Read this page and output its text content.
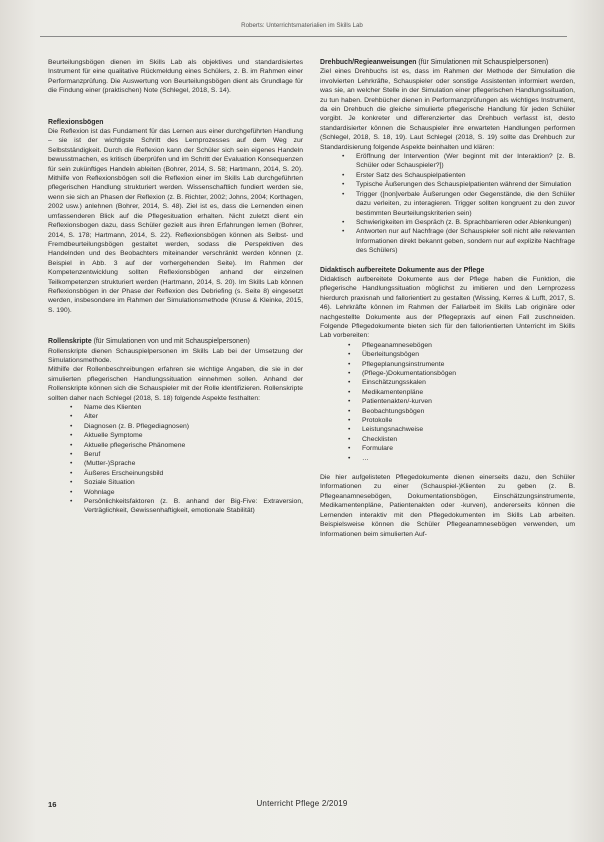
Roberts: Unterrichtsmaterialien im Skills Lab

Beurteilungsbögen dienen im Skills Lab als objektives und standardisiertes Instrument für eine qualitative Rückmeldung eines Schülers, z. B. im Rahmen einer Performanzprüfung. Die Auswertung von Beurteilungsbögen dient als Grundlage für die Findung einer (praktischen) Note (Schlegel, 2018, S. 14).

Reflexionsbögen

Die Reflexion ist das Fundament für das Lernen aus einer durchgeführten Handlung – sie ist der wichtigste Schritt des Lernprozesses auf dem Weg zur Selbstständigkeit. Durch die Reflexion kann der Schüler sich sein eigenes Handeln bewusstmachen, es kritisch überprüfen und im Schritt der Evaluation Konsequenzen für sein zukünftiges Handeln ableiten (Bohrer, 2014, S. 58; Hartmann, 2014, S. 20). Mithilfe von Reflexionsbögen soll die Reflexion einer im Skills Lab durchgeführten pflegerischen Handlung strukturiert werden. Wissenschaftlich fundiert werden sie, wenn sie sich an Phasen der Reflexion (z. B. Richter, 2002; Johns, 2004; Korthagen, 2002 usw.) anlehnen (Bohrer, 2014, S. 48). Ziel ist es, dass die Lernenden einen umfassenderen Blick auf die Pflegesituation erhalten. Nicht zuletzt dient ein Reflexionsbogen dazu, dass Schüler gezielt aus ihren Erfahrungen lernen (Bohrer, 2014, S. 178; Hartmann, 2014, S. 22). Reflexionsbögen können als Selbst- und Fremdbeurteilungsbögen gestaltet werden, sodass die Perspektiven des Handelnden und des Beobachters miteinander verschränkt werden können (z. Beispiel in Abb. 3 auf der vorhergehenden Seite). Im Rahmen der Kompetenzentwicklung sollten Reflexionsbögen anhand der einzelnen Teilkompetenzen strukturiert werden (Hartmann, 2014, S. 20). Im Skills Lab können Reflexionsbögen in der Phase der Reflexion des Debriefing (s. Seite 8) eingesetzt werden, insbesondere im Rahmen der Simulationsmethode (Kruse & Kleinke, 2015, S. 190).

Rollenskripte (für Simulationen von und mit Schauspielpersonen)

Rollenskripte dienen Schauspielpersonen im Skills Lab bei der Umsetzung der Simulationsmethode.

Mithilfe der Rollenbeschreibungen erfahren sie wichtige Angaben, die sie in der simulierten pflegerischen Handlungssituation einnehmen sollen. Anhand der Rollenskripte können sich die Schauspieler mit der Rolle identifizieren. Rollenskripte sollten daher nach Schlegel (2018, S. 18) folgende Aspekte festhalten:

• Name des Klienten
• Alter
• Diagnosen (z. B. Pflegediagnosen)
• Aktuelle Symptome
• Aktuelle pflegerische Phänomene
• Beruf
• (Mutter-)Sprache
• Äußeres Erscheinungsbild
• Soziale Situation
• Wohnlage
• Persönlichkeitsfaktoren (z. B. anhand der Big-Five: Extraversion, Verträglichkeit, Gewissenhaftigkeit, emotionale Stabilität)
Drehbuch/Regieanweisungen (für Simulationen mit Schauspielpersonen)

Ziel eines Drehbuchs ist es, dass im Rahmen der Methode der Simulation die involvierten Lehrkräfte, Schauspieler oder sonstige Assistenten informiert werden, was sie, an welcher Stelle in der Simulation einer pflegerischen Handlungssituation, zu tun haben. Drehbücher dienen in Performanzprüfungen als wichtiges Instrument, da ein Drehbuch die gleiche simulierte pflegerische Handlung für jeden Schüler vorgibt. Je konkreter und differenzierter das Drehbuch verfasst ist, desto standardisierter können die Schauspieler ihre erwarteten Handlungen performen (Schlegel, 2018, S. 18, 19). Laut Schlegel (2018, S. 19) sollte das Drehbuch zur Standardisierung folgende Aspekte beinhalten und klären:

• Eröffnung der Intervention (Wer beginnt mit der Interaktion? [z. B. Schüler oder Schauspieler?])
• Erster Satz des Schauspielpatienten
• Typische Äußerungen des Schauspielpatienten während der Simulation
• Trigger ([non]verbale Äußerungen oder Gegenstände, die den Schüler dazu verleiten, zu interagieren. Trigger sollten kongruent zu den zuvor bestimmten Beurteilungskriterien sein)
• Schwierigkeiten im Gespräch (z. B. Sprachbarrieren oder Ablenkungen)
• Antworten nur auf Nachfrage (der Schauspieler soll nicht alle relevanten Informationen direkt bekannt geben, sondern nur auf explizite Nachfrage des Schülers)
Didaktisch aufbereitete Dokumente aus der Pflege

Didaktisch aufbereitete Dokumente aus der Pflege haben die Funktion, die pflegerische Handlungssituation möglichst zu imitieren und den Lernprozess hierdurch praxisnah und fallorientiert zu gestalten (Wissing, Kerres & Lufft, 2017, S. 46). Lehrkräfte können im Rahmen der Fallarbeit im Skills Lab originäre oder nachgestellte Dokumente aus der Pflegepraxis auf einen Fall zuschneiden. Folgende Pflegedokumente bieten sich für den fallorientierten Unterricht im Skills Lab vorbereiten:

• Pflegeanamnesebögen
• Überleitungsbögen
• Pflegeplanungsinstrumente
• (Pflege-)Dokumentationsbögen
• Einschätzungsskalen
• Medikamentenpläne
• Patientenakten/-kurven
• Beobachtungsbögen
• Protokolle
• Leistungsnachweise
• Checklisten
• Formulare
• …

Die hier aufgelisteten Pflegedokumente dienen einerseits dazu, den Schüler Informationen zu einer (Schauspiel-)Klienten zu geben (z. B. Pflegeanamnesebögen, Dokumentationsbögen, Einschätzungsinstrumente, Medikamentenpläne, Patientenakten oder -kurven), andererseits können die Lernenden interaktiv mit den Pflegedokumenten im Skills Lab arbeiten. Beispielsweise können die Schüler Pflegeanamnesebögen verwenden, um Informationen beim simulierten Auf-

16	Unterricht Pflege 2/2019
